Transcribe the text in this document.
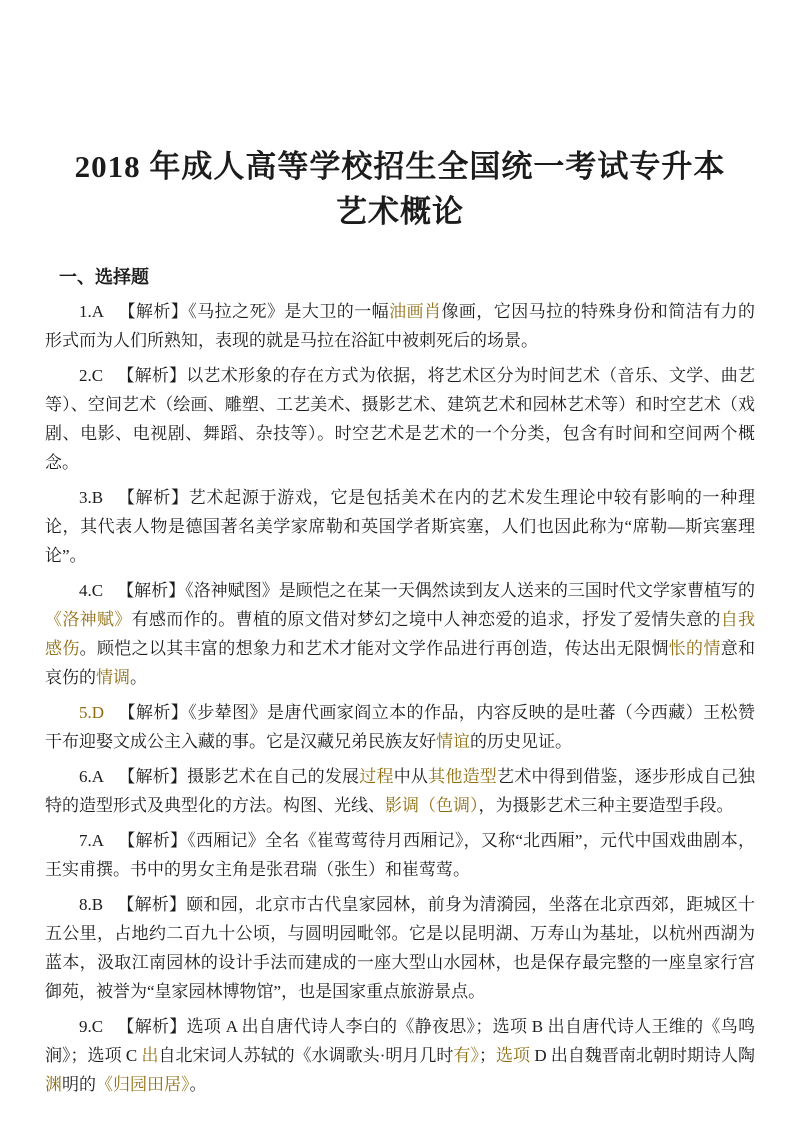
2018 年成人高等学校招生全国统一考试专升本
艺术概论
一、选择题

1.A 【解析】《马拉之死》是大卫的一幅油画肖像画，它因马拉的特殊身份和简洁有力的形式而为人们所熟知，表现的就是马拉在浴缸中被刺死后的场景。

2.C 【解析】以艺术形象的存在方式为依据，将艺术区分为时间艺术（音乐、文学、曲艺等）、空间艺术（绘画、雕塑、工艺美术、摄影艺术、建筑艺术和园林艺术等）和时空艺术（戏剧、电影、电视剧、舞蹈、杂技等）。时空艺术是艺术的一个分类，包含有时间和空间两个概念。

3.B 【解析】艺术起源于游戏，它是包括美术在内的艺术发生理论中较有影响的一种理论，其代表人物是德国著名美学家席勒和英国学者斯宾塞，人们也因此称为“席勒—斯宾塞理论”。

4.C 【解析】《洛神赋图》是顾恺之在某一天偶然读到友人送来的三国时代文学家曹植写的《洛神赋》有感而作的。曹植的原文借对梦幻之境中人神恋爱的追求，抒发了爱情失意的自我感伤。顾恺之以其丰富的想象力和艺术才能对文学作品进行再创造，传达出无限惆怅的情意和哀伤的情调。

5.D 【解析】《步辇图》是唐代画家阎立本的作品，内容反映的是吐蕃（今西藏）王松赞干布迎娶文成公主入藏的事。它是汉藏兄弟民族友好情谊的历史见证。

6.A 【解析】摄影艺术在自己的发展过程中从其他造型艺术中得到借鉴，逐步形成自己独特的造型形式及典型化的方法。构图、光线、影调（色调），为摄影艺术三种主要造型手段。

7.A 【解析】《西厢记》全名《崔莺莺待月西厢记》，又称“北西厢”，元代中国戏曲剧本，王实甫撰。书中的男女主角是张君瑞（张生）和崔莺莺。

8.B 【解析】颐和园，北京市古代皇家园林，前身为清漪园，坐落在北京西郊，距城区十五公里，占地约二百九十公顷，与圆明园毗邻。它是以昆明湖、万寿山为基址，以杭州西湖为蓝本，汲取江南园林的设计手法而建成的一座大型山水园林，也是保存最完整的一座皇家行宫御苑，被誉为“皇家园林博物馆”，也是国家重点旅游景点。

9.C 【解析】选项 A 出自唐代诗人李白的《静夜思》；选项 B 出自唐代诗人王维的《鸟鸣涧》；选项 C 出自北宋词人苏轼的《水调歌头·明月几时有》；选项 D 出自魏晋南北朝时期诗人陶渊明的《归园田居》。
